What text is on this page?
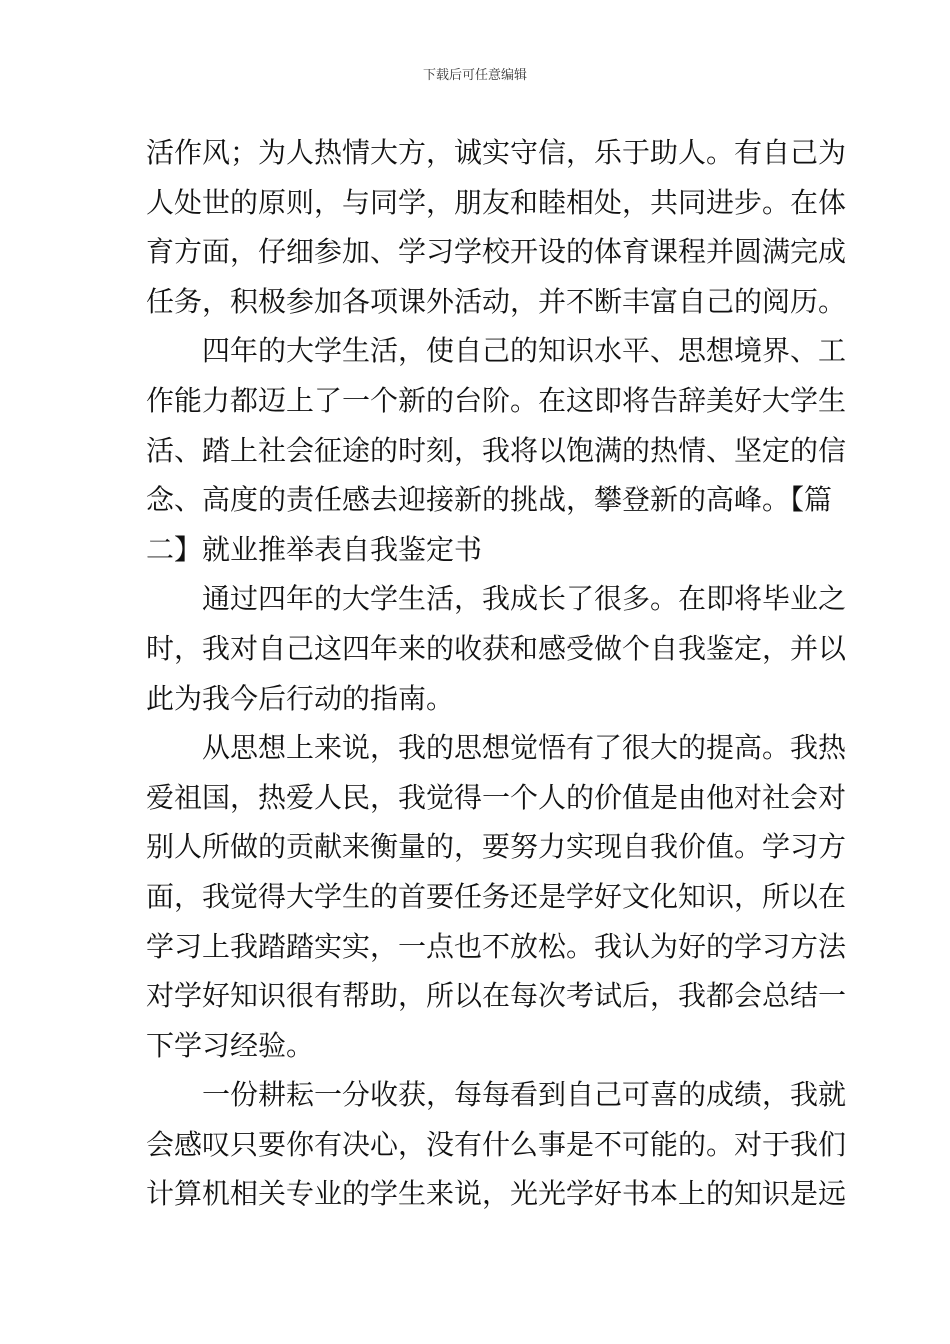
下载后可任意编辑
活作风；为人热情大方，诚实守信，乐于助人。有自己为
人处世的原则，与同学，朋友和睦相处，共同进步。在体
育方面，仔细参加、学习学校开设的体育课程并圆满完成
任务，积极参加各项课外活动，并不断丰富自己的阅历。
四年的大学生活，使自己的知识水平、思想境界、工
作能力都迈上了一个新的台阶。在这即将告辞美好大学生
活、踏上社会征途的时刻，我将以饱满的热情、坚定的信
念、高度的责任感去迎接新的挑战，攀登新的高峰。【篇
二】就业推举表自我鉴定书
通过四年的大学生活，我成长了很多。在即将毕业之
时，我对自己这四年来的收获和感受做个自我鉴定，并以
此为我今后行动的指南。
从思想上来说，我的思想觉悟有了很大的提高。我热
爱祖国，热爱人民，我觉得一个人的价值是由他对社会对
别人所做的贡献来衡量的，要努力实现自我价值。学习方
面，我觉得大学生的首要任务还是学好文化知识，所以在
学习上我踏踏实实，一点也不放松。我认为好的学习方法
对学好知识很有帮助，所以在每次考试后，我都会总结一
下学习经验。
一份耕耘一分收获，每每看到自己可喜的成绩，我就
会感叹只要你有决心，没有什么事是不可能的。对于我们
计算机相关专业的学生来说，光光学好书本上的知识是远
